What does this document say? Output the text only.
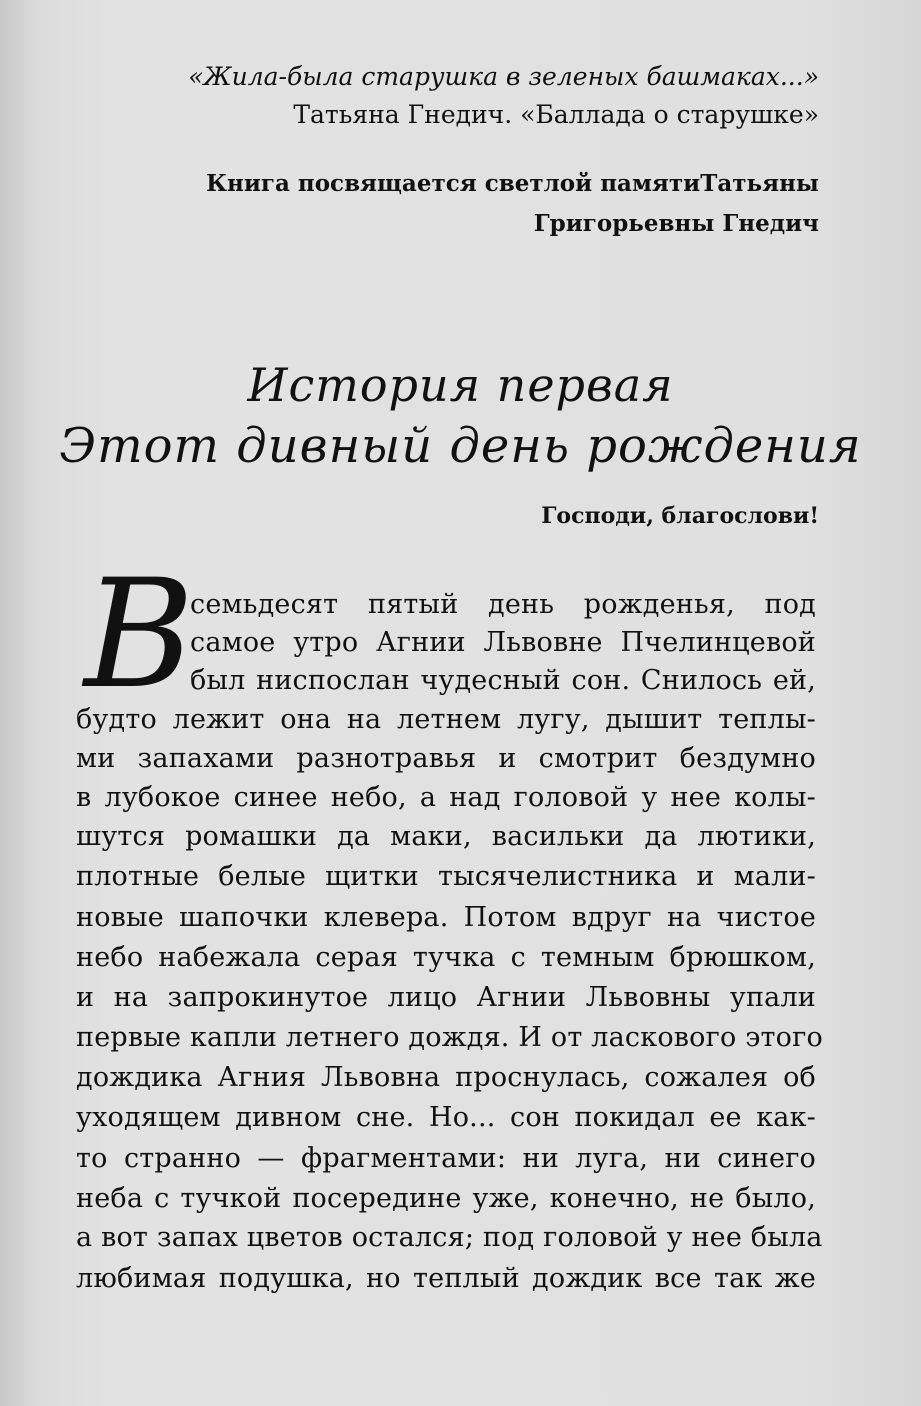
«Жила-была старушка в зеленых башмаках...»
Татьяна Гнедич. «Баллада о старушке»
Книга посвящается светлой памятиТатьяны
Григорьевны Гнедич
История первая
Этот дивный день рождения
Господи, благослови!
В
семьдесят пятый день рожденья, под
самое утро Агнии Львовне Пчелинцевой
был ниспослан чудесный сон. Снилось ей,
будто лежит она на летнем лугу, дышит теплы-
ми запахами разнотравья и смотрит бездумно
в лубокое синее небо, а над головой у нее колы-
шутся ромашки да маки, васильки да лютики,
плотные белые щитки тысячелистника и мали-
новые шапочки клевера. Потом вдруг на чистое
небо набежала серая тучка с темным брюшком,
и на запрокинутое лицо Агнии Львовны упали
первые капли летнего дождя. И от ласкового этого
дождика Агния Львовна проснулась, сожалея об
уходящем дивном сне. Но... сон покидал ее как-
то странно — фрагментами: ни луга, ни синего
неба с тучкой посередине уже, конечно, не было,
а вот запах цветов остался; под головой у нее была
любимая подушка, но теплый дождик все так же
